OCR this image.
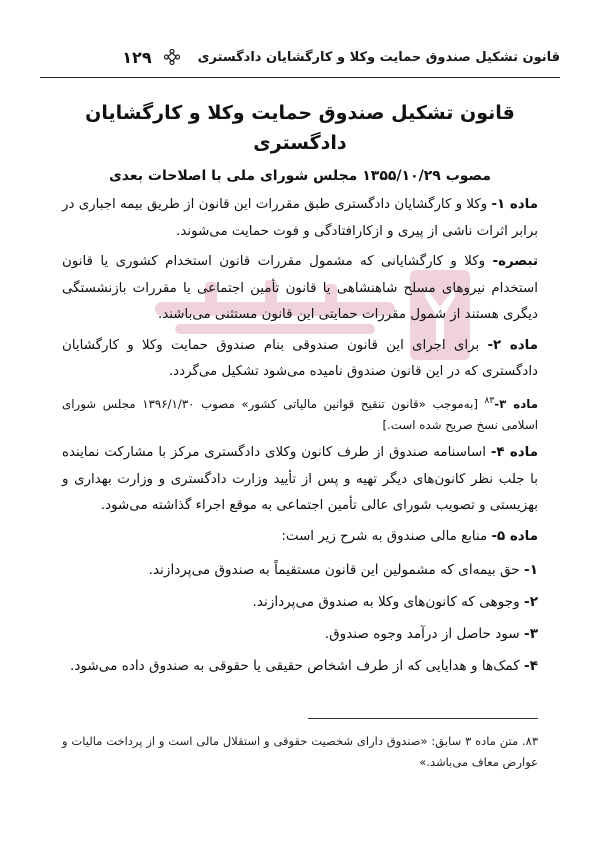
قانون تشکیل صندوق حمایت وکلا و کارگشایان دادگستری
۱۲۹
قانون تشکیل صندوق حمایت وکلا و کارگشایان دادگستری
مصوب ۱۳۵۵/۱۰/۲۹ مجلس شورای ملی با اصلاحات بعدی

ماده ۱- وکلا و کارگشایان دادگستری طبق مقررات این قانون از طریق بیمه اجباری در برابر اثرات ناشی از پیری و ازکارافتادگی و فوت حمایت می‌شوند.

تبصره- وکلا و کارگشایانی که مشمول مقررات قانون استخدام کشوری یا قانون استخدام نیروهای مسلح شاهنشاهی یا قانون تأمین اجتماعی یا مقررات بازنشستگی دیگری هستند از شمول مقررات حمایتی این قانون مستثنی می‌باشند.

ماده ۲- برای اجرای این قانون صندوقی بنام صندوق حمایت وکلا و کارگشایان دادگستری که در این قانون صندوق نامیده می‌شود تشکیل می‌گردد.

ماده ۳-$^{۸۳}$ [به‌موجب «قانون تنقیح قوانین مالیاتی کشور» مصوب ۱۳۹۶/۱/۳۰ مجلس شورای اسلامی نسخ صریح شده است.]

ماده ۴- اساسنامه صندوق از طرف کانون وکلای دادگستری مرکز با مشارکت نماینده با جلب نظر کانون‌های دیگر تهیه و پس از تأیید وزارت دادگستری و وزارت بهداری و بهزیستی و تصویب شورای عالی تأمین اجتماعی به موقع اجراء گذاشته می‌شود.

ماده ۵- منابع مالی صندوق به شرح زیر است:

۱- حق بیمه‌ای که مشمولین این قانون مستقیماً به صندوق می‌پردازند.

۲- وجوهی که کانون‌های وکلا به صندوق می‌پردازند.

۳- سود حاصل از درآمد وجوه صندوق.

۴- کمک‌ها و هدایایی که از طرف اشخاص حقیقی یا حقوقی به صندوق داده می‌شود.

۸۳. متن ماده ۳ سابق: «صندوق دارای شخصیت حقوقی و استقلال مالی است و از پرداخت مالیات و عوارض معاف می‌باشد.»
